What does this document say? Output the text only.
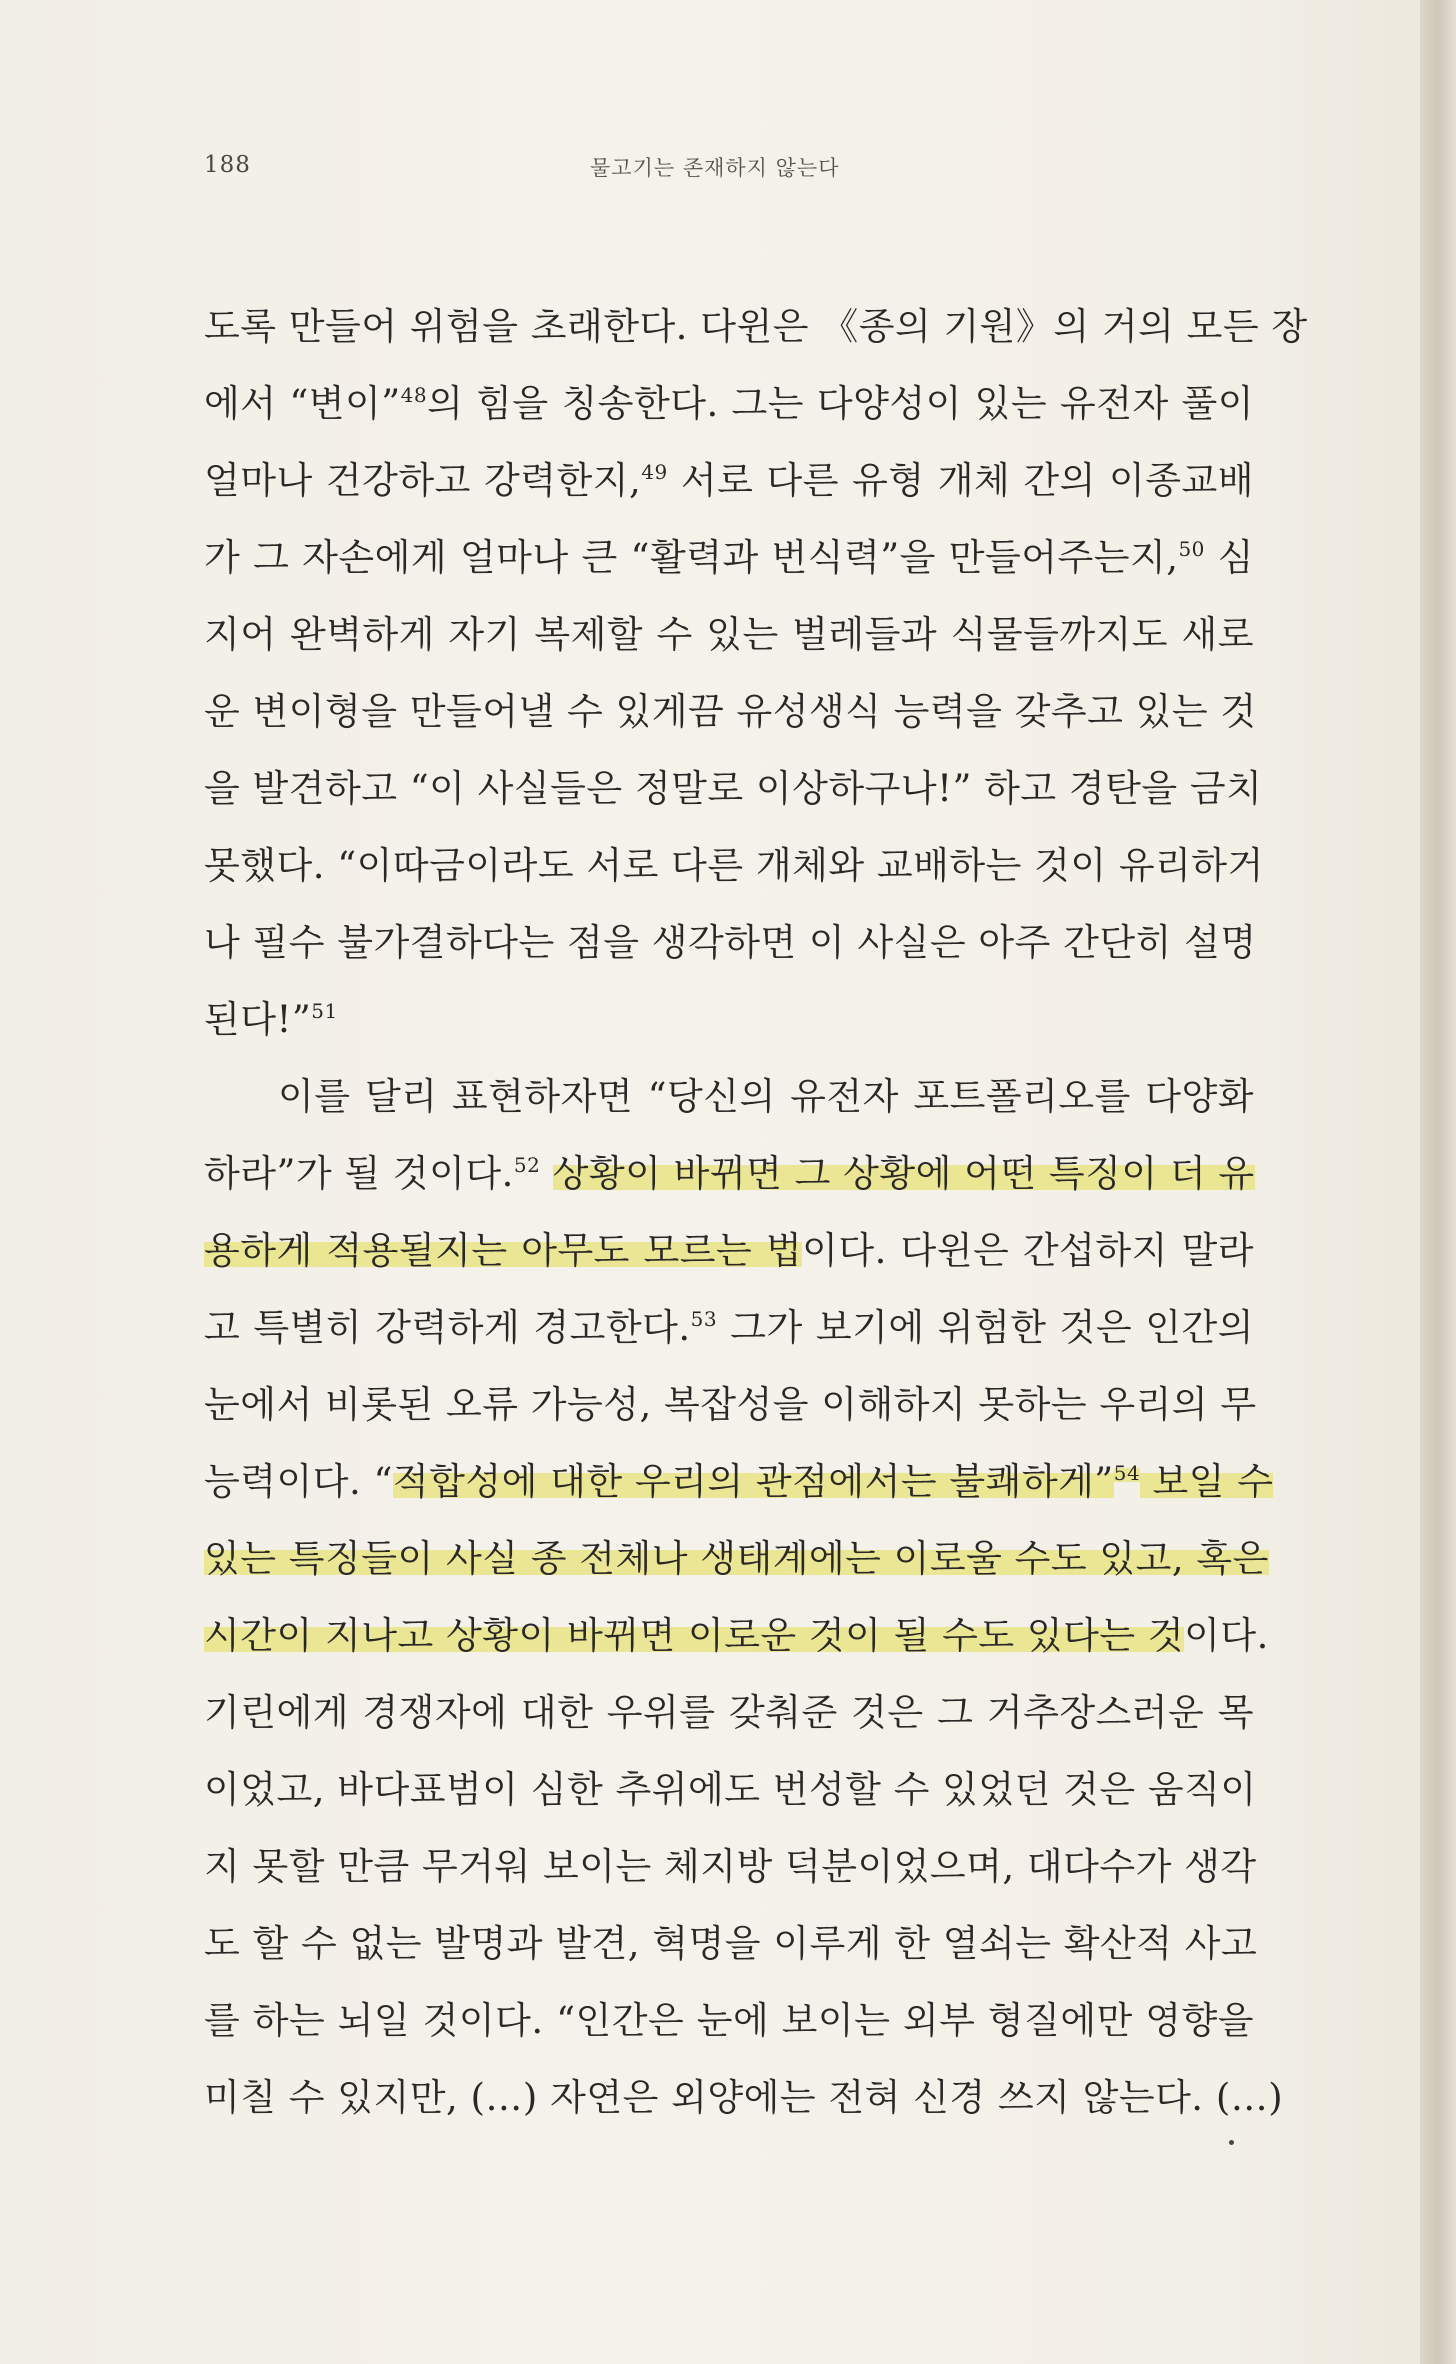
188	물고기는 존재하지 않는다
도록 만들어 위험을 초래한다. 다윈은 《종의 기원》의 거의 모든 장
에서 “변이”$^{48}$의 힘을 칭송한다. 그는 다양성이 있는 유전자 풀이
얼마나 건강하고 강력한지,$^{49}$ 서로 다른 유형 개체 간의 이종교배
가 그 자손에게 얼마나 큰 “활력과 번식력”을 만들어주는지,$^{50}$ 심
지어 완벽하게 자기 복제할 수 있는 벌레들과 식물들까지도 새로
운 변이형을 만들어낼 수 있게끔 유성생식 능력을 갖추고 있는 것
을 발견하고 “이 사실들은 정말로 이상하구나!” 하고 경탄을 금치
못했다. “이따금이라도 서로 다른 개체와 교배하는 것이 유리하거
나 필수 불가결하다는 점을 생각하면 이 사실은 아주 간단히 설명
된다!”$^{51}$
이를 달리 표현하자면 “당신의 유전자 포트폴리오를 다양화
하라”가 될 것이다.$^{52}$ 상황이 바뀌면 그 상황에 어떤 특징이 더 유
용하게 적용될지는 아무도 모르는 법이다. 다윈은 간섭하지 말라
고 특별히 강력하게 경고한다.$^{53}$ 그가 보기에 위험한 것은 인간의
눈에서 비롯된 오류 가능성, 복잡성을 이해하지 못하는 우리의 무
능력이다. “적합성에 대한 우리의 관점에서는 불쾌하게”$^{54}$ 보일 수
있는 특징들이 사실 종 전체나 생태계에는 이로울 수도 있고, 혹은
시간이 지나고 상황이 바뀌면 이로운 것이 될 수도 있다는 것이다.
기린에게 경쟁자에 대한 우위를 갖춰준 것은 그 거추장스러운 목
이었고, 바다표범이 심한 추위에도 번성할 수 있었던 것은 움직이
지 못할 만큼 무거워 보이는 체지방 덕분이었으며, 대다수가 생각
도 할 수 없는 발명과 발견, 혁명을 이루게 한 열쇠는 확산적 사고
를 하는 뇌일 것이다. “인간은 눈에 보이는 외부 형질에만 영향을
미칠 수 있지만, (…) 자연은 외양에는 전혀 신경 쓰지 않는다. (…)
